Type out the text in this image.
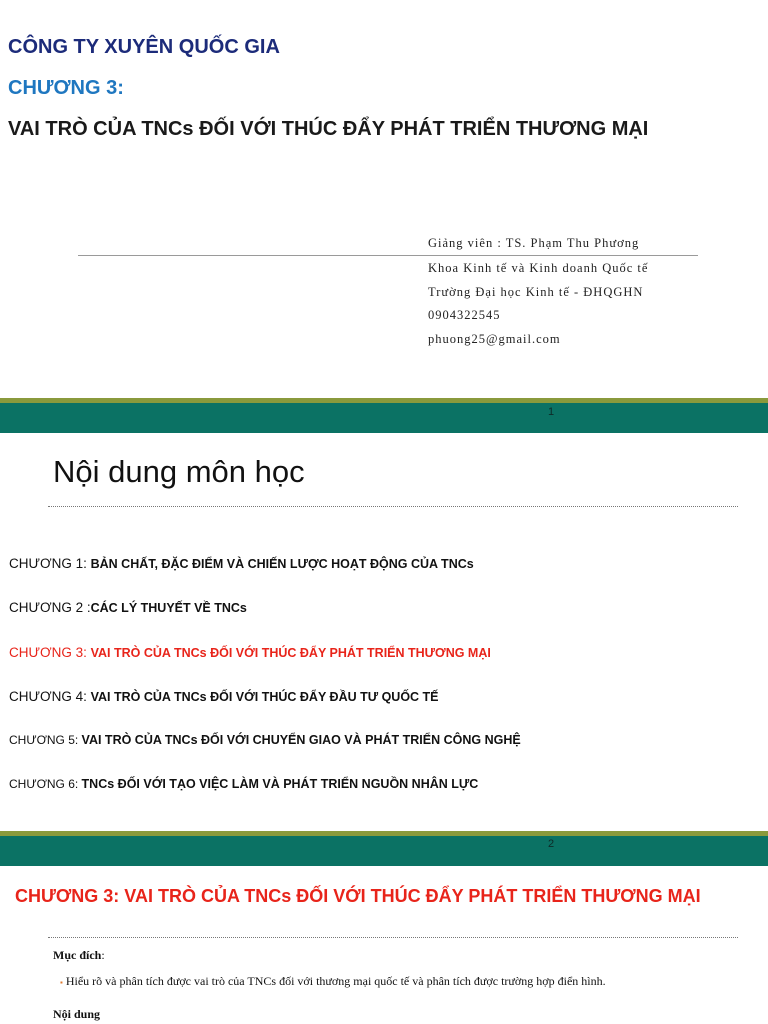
CÔNG TY XUYÊN QUỐC GIA
CHƯƠNG 3:
VAI TRÒ CỦA TNCs ĐỐI VỚI THÚC ĐẨY PHÁT TRIỂN THƯƠNG MẠI
Giảng viên : TS. Phạm Thu Phương
Khoa Kinh tế và Kinh doanh Quốc tế
Trường Đại học Kinh tế - ĐHQGHN
0904322545
phuong25@gmail.com
1
Nội dung môn học
CHƯƠNG 1: BẢN CHẤT, ĐẶC ĐIỂM VÀ CHIẾN LƯỢC HOẠT ĐỘNG CỦA TNCs
CHƯƠNG 2 :CÁC LÝ THUYẾT VỀ TNCs
CHƯƠNG 3: VAI TRÒ CỦA TNCs ĐỐI VỚI THÚC ĐẨY PHÁT TRIỂN THƯƠNG MẠI
CHƯƠNG 4: VAI TRÒ CỦA TNCs ĐỐI VỚI THÚC ĐẨY ĐẦU TƯ QUỐC TẾ
CHƯƠNG 5: VAI TRÒ CỦA TNCs ĐỐI VỚI CHUYỂN GIAO VÀ PHÁT TRIỂN CÔNG NGHỆ
CHƯƠNG 6: TNCs ĐỐI VỚI TẠO VIỆC LÀM VÀ PHÁT TRIỂN NGUỒN NHÂN LỰC
2
CHƯƠNG 3: VAI TRÒ CỦA TNCs ĐỐI VỚI THÚC ĐẨY PHÁT TRIỂN THƯƠNG MẠI
Mục đích:
▪ Hiểu rõ và phân tích được vai trò của TNCs đối với thương mại quốc tế và phân tích được trường hợp điển hình.
Nội dung
